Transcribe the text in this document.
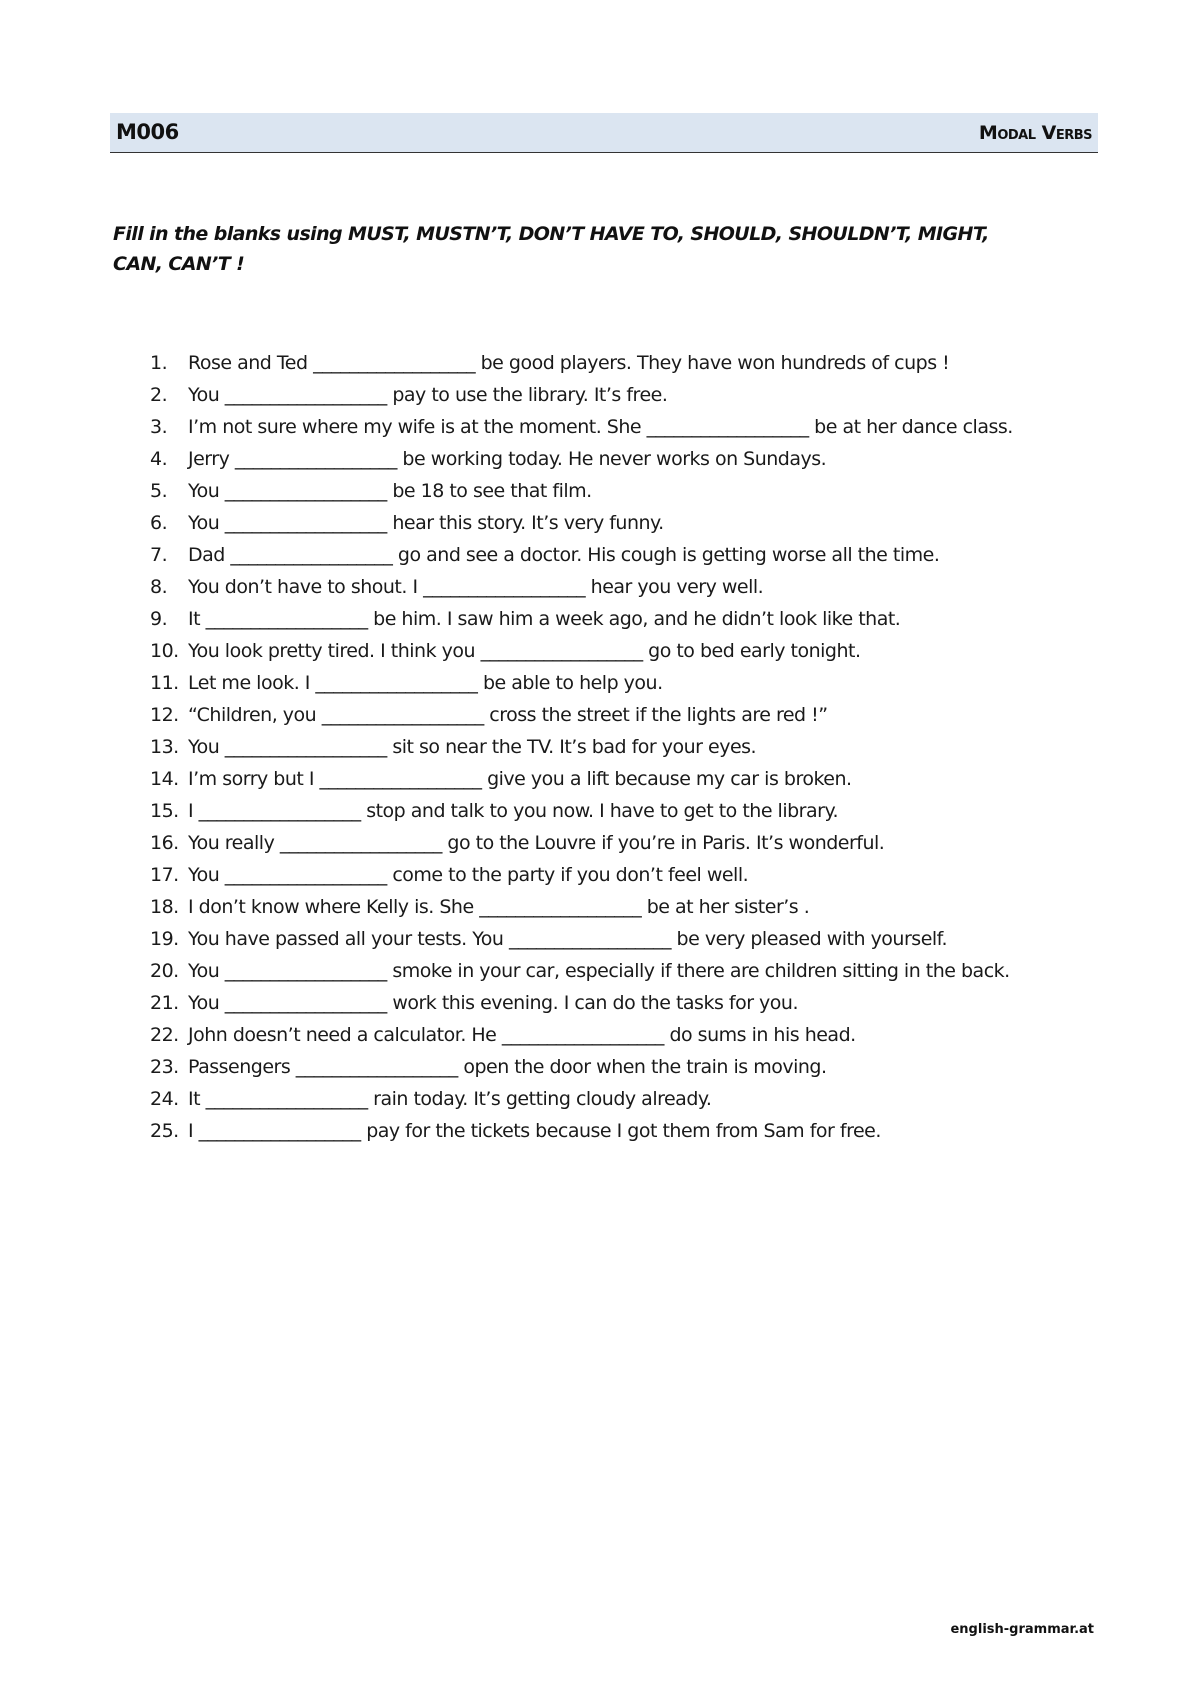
M006	Modal Verbs
Fill in the blanks using MUST, MUSTN’T, DON’T HAVE TO, SHOULD, SHOULDN’T, MIGHT, CAN, CAN’T !
1. Rose and Ted __________________ be good players. They have won hundreds of cups !
2. You __________________ pay to use the library. It’s free.
3. I’m not sure where my wife is at the moment. She __________________ be at her dance class.
4. Jerry __________________ be working today. He never works on Sundays.
5. You __________________ be 18 to see that film.
6. You __________________ hear this story. It’s very funny.
7. Dad __________________ go and see a doctor. His cough is getting worse all the time.
8. You don’t have to shout. I __________________ hear you very well.
9. It __________________ be him. I saw him a week ago, and he didn’t look like that.
10. You look pretty tired. I think you __________________ go to bed early tonight.
11. Let me look. I __________________ be able to help you.
12. “Children, you __________________ cross the street if the lights are red !”
13. You __________________ sit so near the TV. It’s bad for your eyes.
14. I’m sorry but I __________________ give you a lift because my car is broken.
15. I __________________ stop and talk to you now. I have to get to the library.
16. You really __________________ go to the Louvre if you’re in Paris. It’s wonderful.
17. You __________________ come to the party if you don’t feel well.
18. I don’t know where Kelly is. She __________________ be at her sister’s .
19. You have passed all your tests. You __________________ be very pleased with yourself.
20. You __________________ smoke in your car, especially if there are children sitting in the back.
21. You __________________ work this evening. I can do the tasks for you.
22. John doesn’t need a calculator. He __________________ do sums in his head.
23. Passengers __________________ open the door when the train is moving.
24. It __________________ rain today. It’s getting cloudy already.
25. I __________________ pay for the tickets because I got them from Sam for free.
english-grammar.at
